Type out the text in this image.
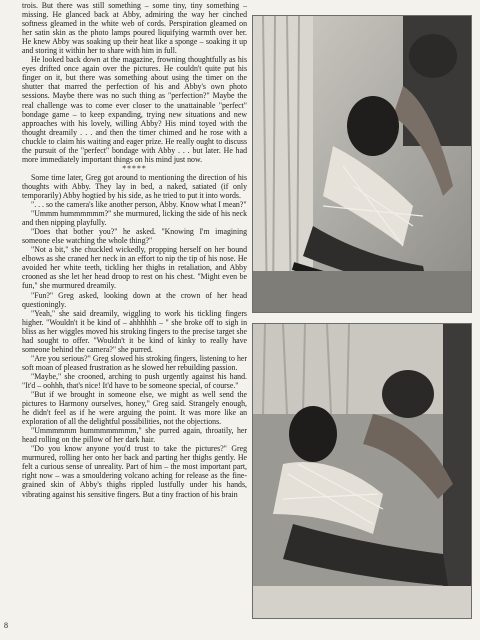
trois. But there was still something – some tiny, tiny something – missing. He glanced back at Abby, admiring the way her cinched softness gleamed in the white web of cords. Perspiration gleamed on her satin skin as the photo lamps poured liquifying warmth over her. He knew Abby was soaking up their heat like a sponge – soaking it up and storing it within her to share with him in full.

He looked back down at the magazine, frowning thoughtfully as his eyes drifted once again over the pictures. He couldn't quite put his finger on it, but there was something about using the timer on the shutter that marred the perfection of his and Abby's own photo sessions. Maybe there was no such thing as "perfection?" Maybe the real challenge was to come ever closer to the unattainable "perfect" bondage game – to keep expanding, trying new situations and new approaches with his lovely, willing Abby? His mind toyed with the thought dreamily . . . and then the timer chimed and he rose with a chuckle to claim his waiting and eager prize. He really ought to discuss the pursuit of the "perfect" bondage with Abby . . . but later. He had more immediately important things on his mind just now.

*****

Some time later, Greg got around to mentioning the direction of his thoughts with Abby. They lay in bed, a naked, satiated (if only temporarily) Abby hogtied by his side, as he tried to put it into words.

". . . so the camera's like another person, Abby. Know what I mean?"

"Ummm hummmmmm?" she murmured, licking the side of his neck and then nipping playfully.

"Does that bother you?" he asked. "Knowing I'm imagining someone else watching the whole thing?"

"Not a bit," she chuckled wickedly, propping herself on her bound elbows as she craned her neck in an effort to nip the tip of his nose. He avoided her white teeth, tickling her thighs in retaliation, and Abby crooned as she let her head droop to rest on his chest. "Might even be fun," she murmured dreamily.

"Fun?" Greg asked, looking down at the crown of her head questioningly.

"Yeah," she said dreamily, wiggling to work his tickling fingers higher. "Wouldn't it be kind of – ahhhhhh – " she broke off to sigh in bliss as her wiggles moved his stroking fingers to the precise target she had sought to offer. "Wouldn't it be kind of kinky to really have someone behind the camera?" she purred.

"Are you serious?" Greg slowed his stroking fingers, listening to her soft moan of pleased frustration as he slowed her rebuilding passion.

"Maybe," she crooned, arching to push urgently against his hand. "It'd – oohhh, that's nice! It'd have to be someone special, of course."

"But if we brought in someone else, we might as well send the pictures to Harmony ourselves, honey," Greg said. Strangely enough, he didn't feel as if he were arguing the point. It was more like an exploration of all the delightful possibilities, not the objections.

"Ummmmmm hummmmmmmm," she purred again, throatily, her head rolling on the pillow of her dark hair.

"Do you know anyone you'd trust to take the pictures?" Greg murmured, rolling her onto her back and parting her thighs gently. He felt a curious sense of unreality. Part of him – the most important part, right now – was a smouldering volcano aching for release as the fine-grained skin of Abby's thighs rippled lustfully under his hands, vibrating against his sensitive fingers. But a tiny fraction of his brain

8
